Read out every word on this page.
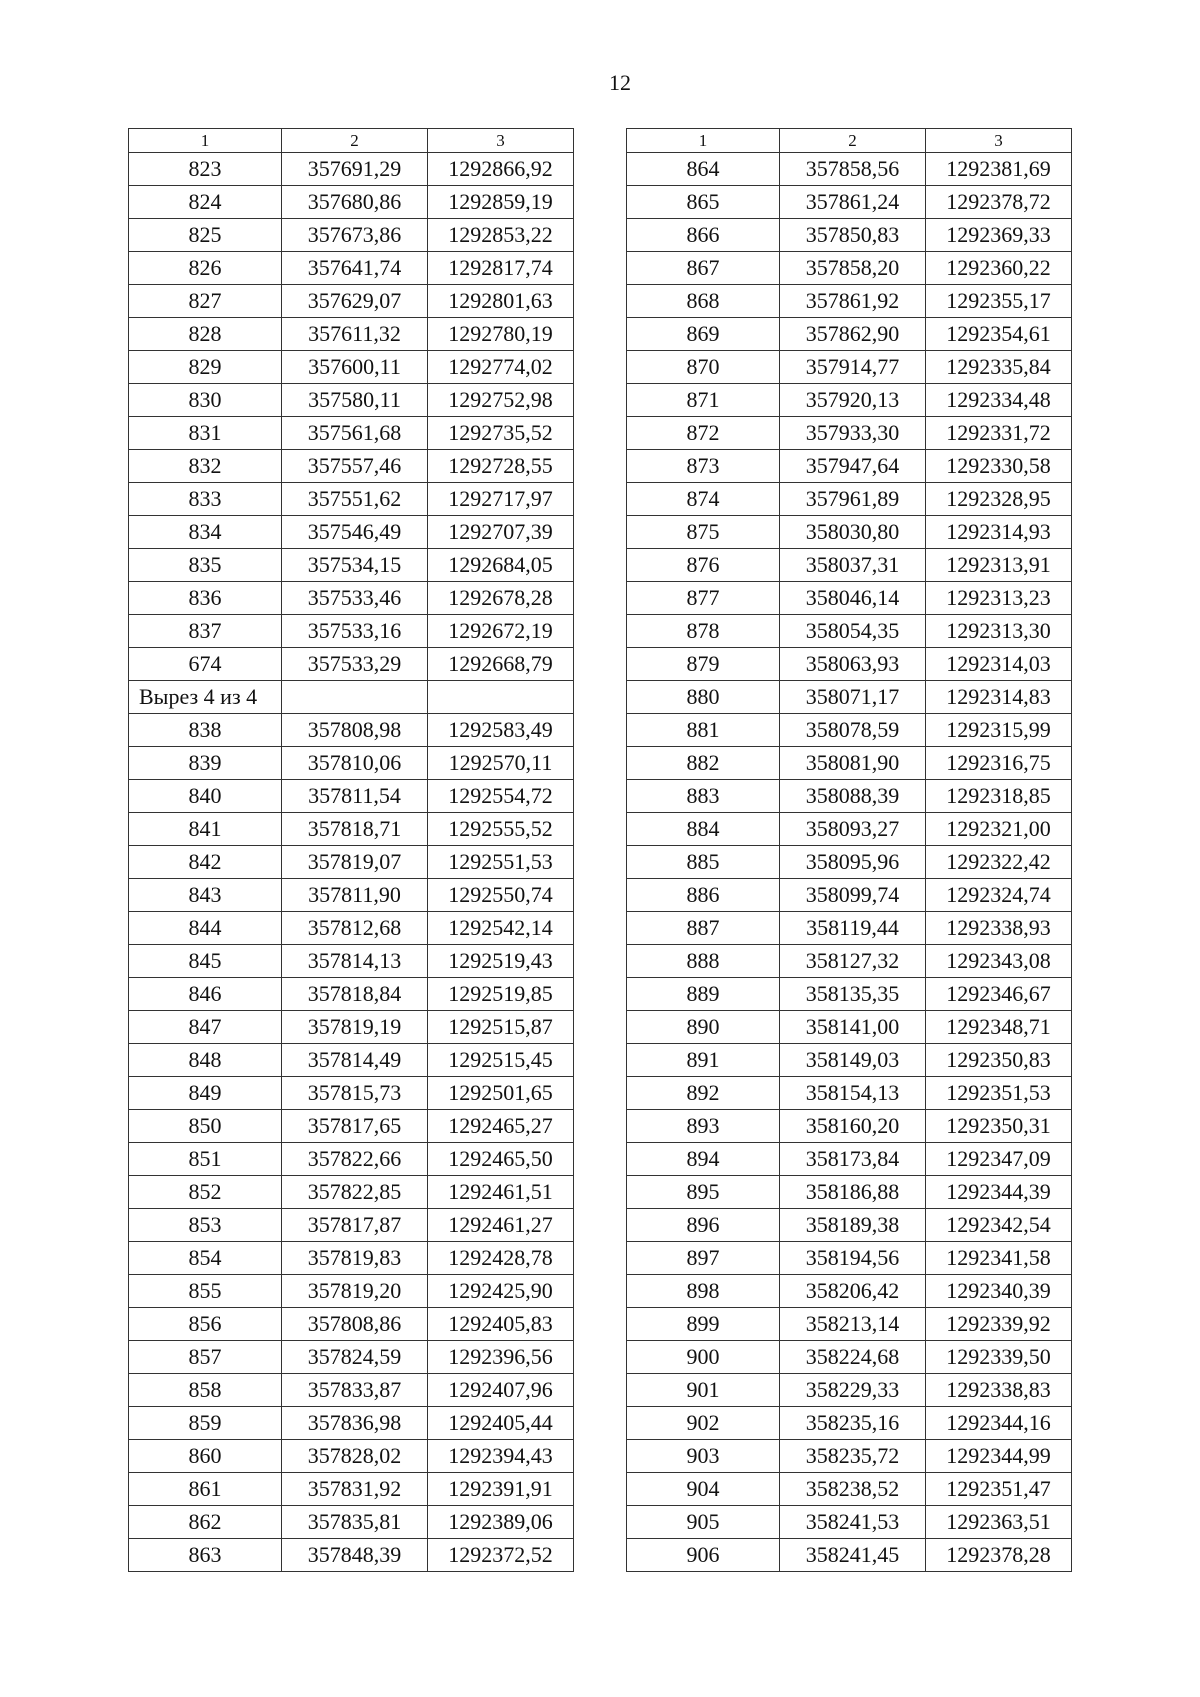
12
1	2	3
823	357691,29	1292866,92
824	357680,86	1292859,19
825	357673,86	1292853,22
826	357641,74	1292817,74
827	357629,07	1292801,63
828	357611,32	1292780,19
829	357600,11	1292774,02
830	357580,11	1292752,98
831	357561,68	1292735,52
832	357557,46	1292728,55
833	357551,62	1292717,97
834	357546,49	1292707,39
835	357534,15	1292684,05
836	357533,46	1292678,28
837	357533,16	1292672,19
674	357533,29	1292668,79
Вырез 4 из 4		
838	357808,98	1292583,49
839	357810,06	1292570,11
840	357811,54	1292554,72
841	357818,71	1292555,52
842	357819,07	1292551,53
843	357811,90	1292550,74
844	357812,68	1292542,14
845	357814,13	1292519,43
846	357818,84	1292519,85
847	357819,19	1292515,87
848	357814,49	1292515,45
849	357815,73	1292501,65
850	357817,65	1292465,27
851	357822,66	1292465,50
852	357822,85	1292461,51
853	357817,87	1292461,27
854	357819,83	1292428,78
855	357819,20	1292425,90
856	357808,86	1292405,83
857	357824,59	1292396,56
858	357833,87	1292407,96
859	357836,98	1292405,44
860	357828,02	1292394,43
861	357831,92	1292391,91
862	357835,81	1292389,06
863	357848,39	1292372,52
1	2	3
864	357858,56	1292381,69
865	357861,24	1292378,72
866	357850,83	1292369,33
867	357858,20	1292360,22
868	357861,92	1292355,17
869	357862,90	1292354,61
870	357914,77	1292335,84
871	357920,13	1292334,48
872	357933,30	1292331,72
873	357947,64	1292330,58
874	357961,89	1292328,95
875	358030,80	1292314,93
876	358037,31	1292313,91
877	358046,14	1292313,23
878	358054,35	1292313,30
879	358063,93	1292314,03
880	358071,17	1292314,83
881	358078,59	1292315,99
882	358081,90	1292316,75
883	358088,39	1292318,85
884	358093,27	1292321,00
885	358095,96	1292322,42
886	358099,74	1292324,74
887	358119,44	1292338,93
888	358127,32	1292343,08
889	358135,35	1292346,67
890	358141,00	1292348,71
891	358149,03	1292350,83
892	358154,13	1292351,53
893	358160,20	1292350,31
894	358173,84	1292347,09
895	358186,88	1292344,39
896	358189,38	1292342,54
897	358194,56	1292341,58
898	358206,42	1292340,39
899	358213,14	1292339,92
900	358224,68	1292339,50
901	358229,33	1292338,83
902	358235,16	1292344,16
903	358235,72	1292344,99
904	358238,52	1292351,47
905	358241,53	1292363,51
906	358241,45	1292378,28
